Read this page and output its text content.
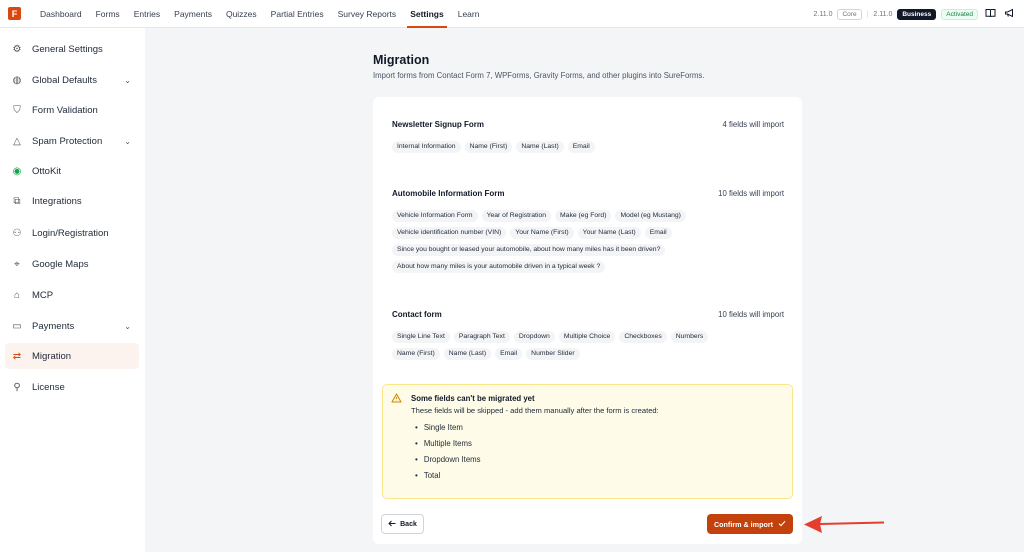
F	Dashboard	Forms	Entries	Payments	Quizzes	Partial Entries	Survey Reports	Settings	Learn	2.11.0	Core	| 2.11.0	Business	Activated
⚙ General Settings
◍ Global Defaults	⌄
⛉ Form Validation
△ Spam Protection	⌄
◉ OttoKit
⧉ Integrations
⚇ Login/Registration
⌖	Google Maps
⌂	MCP
▭ Payments	⌄
⇄ Migration
⚲ License
Migration
Import forms from Contact Form 7, WPForms, Gravity Forms, and other plugins into SureForms.
Newsletter Signup Form	4 fields will import
Internal Information	Name (First)	Name (Last)	Email
Automobile Information Form	10 fields will import
Vehicle Information Form	Year of Registration	Make (eg Ford)	Model (eg Mustang)
Vehicle identification number (VIN)	Your Name (First)	Your Name (Last)	Email
Since you bought or leased your automobile, about how many miles has it been driven?
About how many miles is your automobile driven in a typical week ?
Contact form	10 fields will import
Single Line Text	Paragraph Text	Dropdown	Multiple Choice	Checkboxes	Numbers
Name (First)	Name (Last)	Email	Number Slider
Some fields can't be migrated yet
These fields will be skipped - add them manually after the form is created:
• Single Item
• Multiple Items
• Dropdown Items
• Total
Back	Confirm & import
